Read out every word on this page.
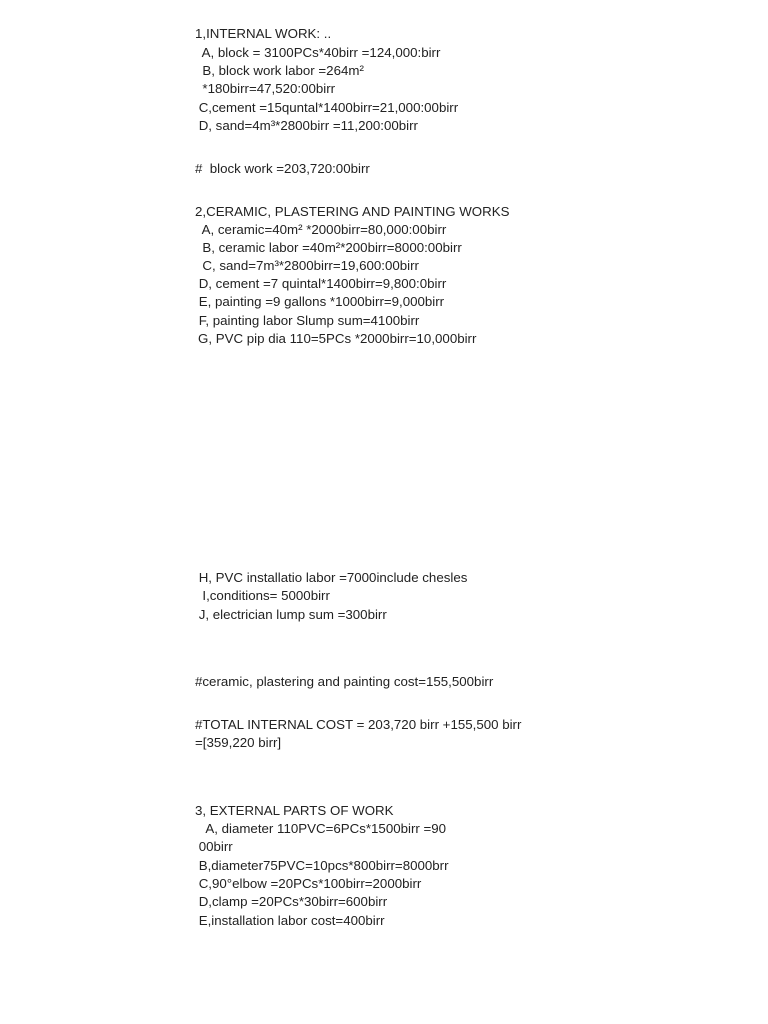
1,INTERNAL WORK: ..
A, block = 3100PCs*40birr =124,000:birr
B, block work labor =264m²
*180birr=47,520:00birr
C,cement =15quntal*1400birr=21,000:00birr
D, sand=4m³*2800birr =11,200:00birr
#  block work =203,720:00birr
2,CERAMIC, PLASTERING AND PAINTING WORKS
A, ceramic=40m² *2000birr=80,000:00birr
B, ceramic labor =40m²*200birr=8000:00birr
C, sand=7m³*2800birr=19,600:00birr
D, cement =7 quintal*1400birr=9,800:0birr
E, painting =9 gallons *1000birr=9,000birr
F, painting labor Slump sum=4100birr
G, PVC pip dia 110=5PCs *2000birr=10,000birr
H, PVC installatio labor =7000include chesles
I,conditions= 5000birr
J, electrician lump sum =300birr
#ceramic, plastering and painting cost=155,500birr
#TOTAL INTERNAL COST = 203,720 birr +155,500 birr
=[359,220 birr]
3, EXTERNAL PARTS OF WORK
A, diameter 110PVC=6PCs*1500birr =90
00birr
B,diameter75PVC=10pcs*800birr=8000brr
C,90°elbow =20PCs*100birr=2000birr
D,clamp =20PCs*30birr=600birr
E,installation labor cost=400birr
